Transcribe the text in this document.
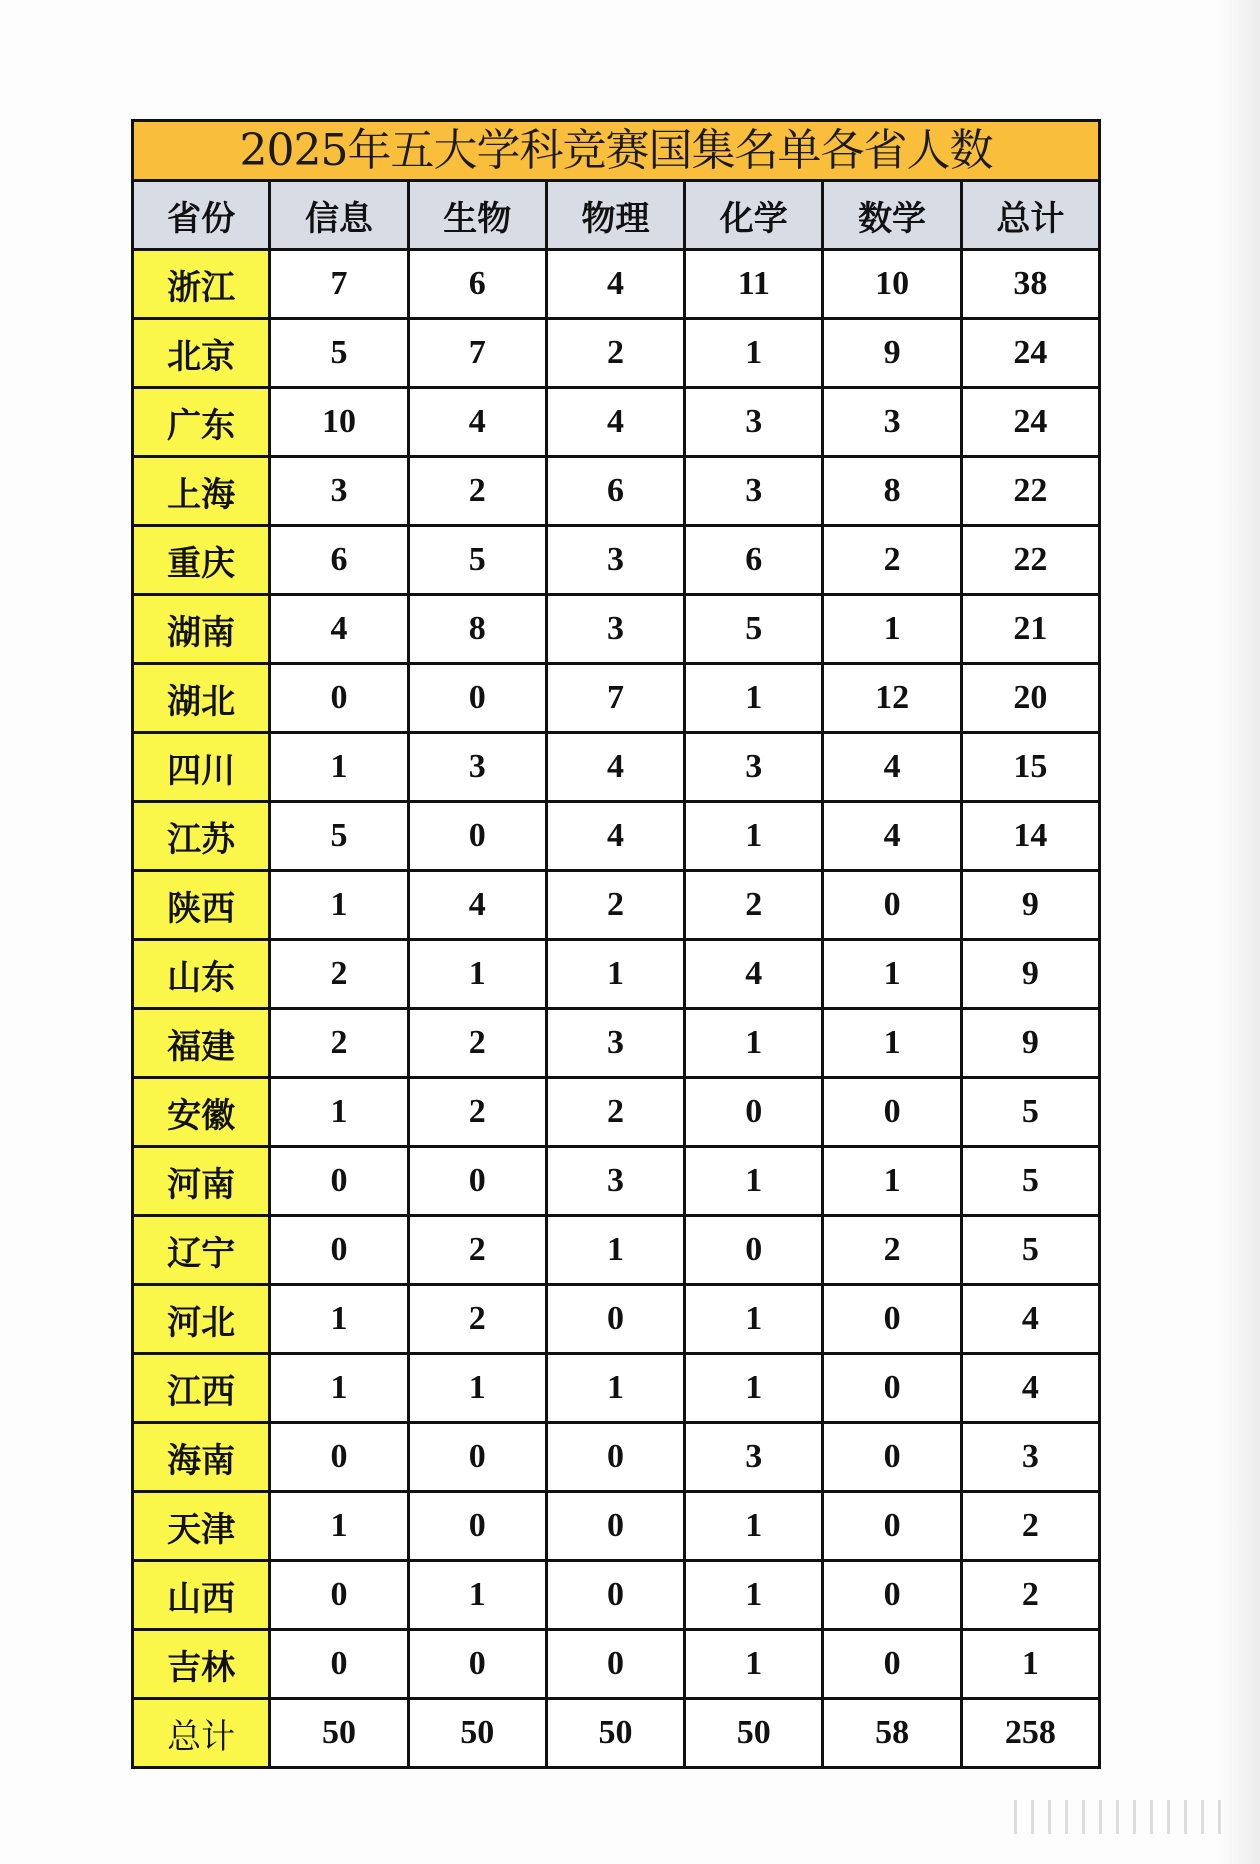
2025年五大学科竞赛国集名单各省人数
省份	信息	生物	物理	化学	数学	总计
浙江	7	6	4	11	10	38
北京	5	7	2	1	9	24
广东	10	4	4	3	3	24
上海	3	2	6	3	8	22
重庆	6	5	3	6	2	22
湖南	4	8	3	5	1	21
湖北	0	0	7	1	12	20
四川	1	3	4	3	4	15
江苏	5	0	4	1	4	14
陕西	1	4	2	2	0	9
山东	2	1	1	4	1	9
福建	2	2	3	1	1	9
安徽	1	2	2	0	0	5
河南	0	0	3	1	1	5
辽宁	0	2	1	0	2	5
河北	1	2	0	1	0	4
江西	1	1	1	1	0	4
海南	0	0	0	3	0	3
天津	1	0	0	1	0	2
山西	0	1	0	1	0	2
吉林	0	0	0	1	0	1
总计	50	50	50	50	58	258
